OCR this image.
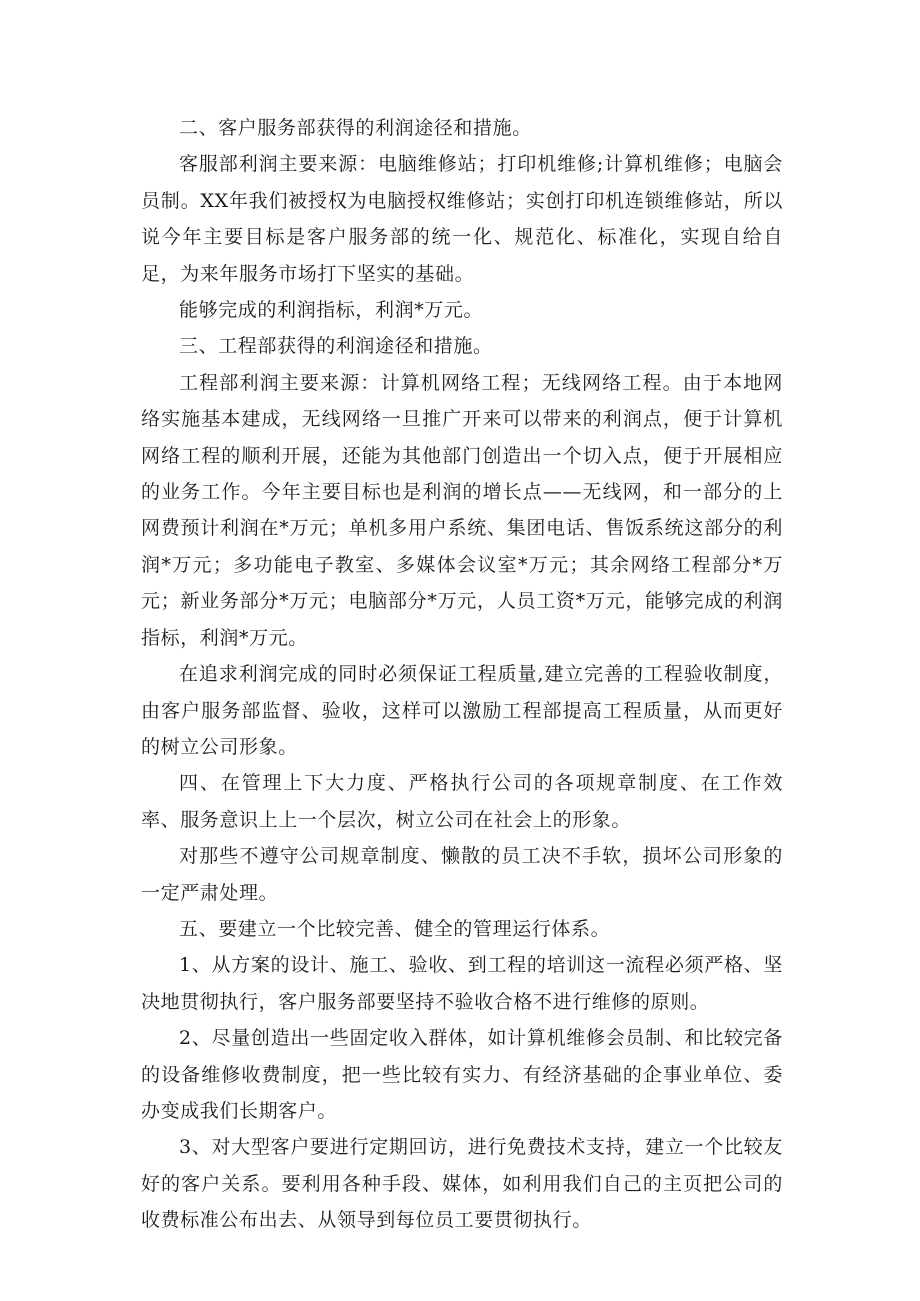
二、客户服务部获得的利润途径和措施。

客服部利润主要来源：电脑维修站；打印机维修;计算机维修；电脑会员制。XX年我们被授权为电脑授权维修站；实创打印机连锁维修站，所以说今年主要目标是客户服务部的统一化、规范化、标准化，实现自给自足，为来年服务市场打下坚实的基础。

能够完成的利润指标，利润*万元。

三、工程部获得的利润途径和措施。

工程部利润主要来源：计算机网络工程；无线网络工程。由于本地网络实施基本建成，无线网络一旦推广开来可以带来的利润点，便于计算机网络工程的顺利开展，还能为其他部门创造出一个切入点，便于开展相应的业务工作。今年主要目标也是利润的增长点——无线网，和一部分的上网费预计利润在*万元；单机多用户系统、集团电话、售饭系统这部分的利润*万元；多功能电子教室、多媒体会议室*万元；其余网络工程部分*万元；新业务部分*万元；电脑部分*万元，人员工资*万元，能够完成的利润指标，利润*万元。

在追求利润完成的同时必须保证工程质量,建立完善的工程验收制度，由客户服务部监督、验收，这样可以激励工程部提高工程质量，从而更好的树立公司形象。

四、在管理上下大力度、严格执行公司的各项规章制度、在工作效率、服务意识上上一个层次，树立公司在社会上的形象。

对那些不遵守公司规章制度、懒散的员工决不手软，损坏公司形象的一定严肃处理。

五、要建立一个比较完善、健全的管理运行体系。

1、从方案的设计、施工、验收、到工程的培训这一流程必须严格、坚决地贯彻执行，客户服务部要坚持不验收合格不进行维修的原则。

2、尽量创造出一些固定收入群体，如计算机维修会员制、和比较完备的设备维修收费制度，把一些比较有实力、有经济基础的企事业单位、委办变成我们长期客户。

3、对大型客户要进行定期回访，进行免费技术支持，建立一个比较友好的客户关系。要利用各种手段、媒体，如利用我们自己的主页把公司的收费标准公布出去、从领导到每位员工要贯彻执行。
